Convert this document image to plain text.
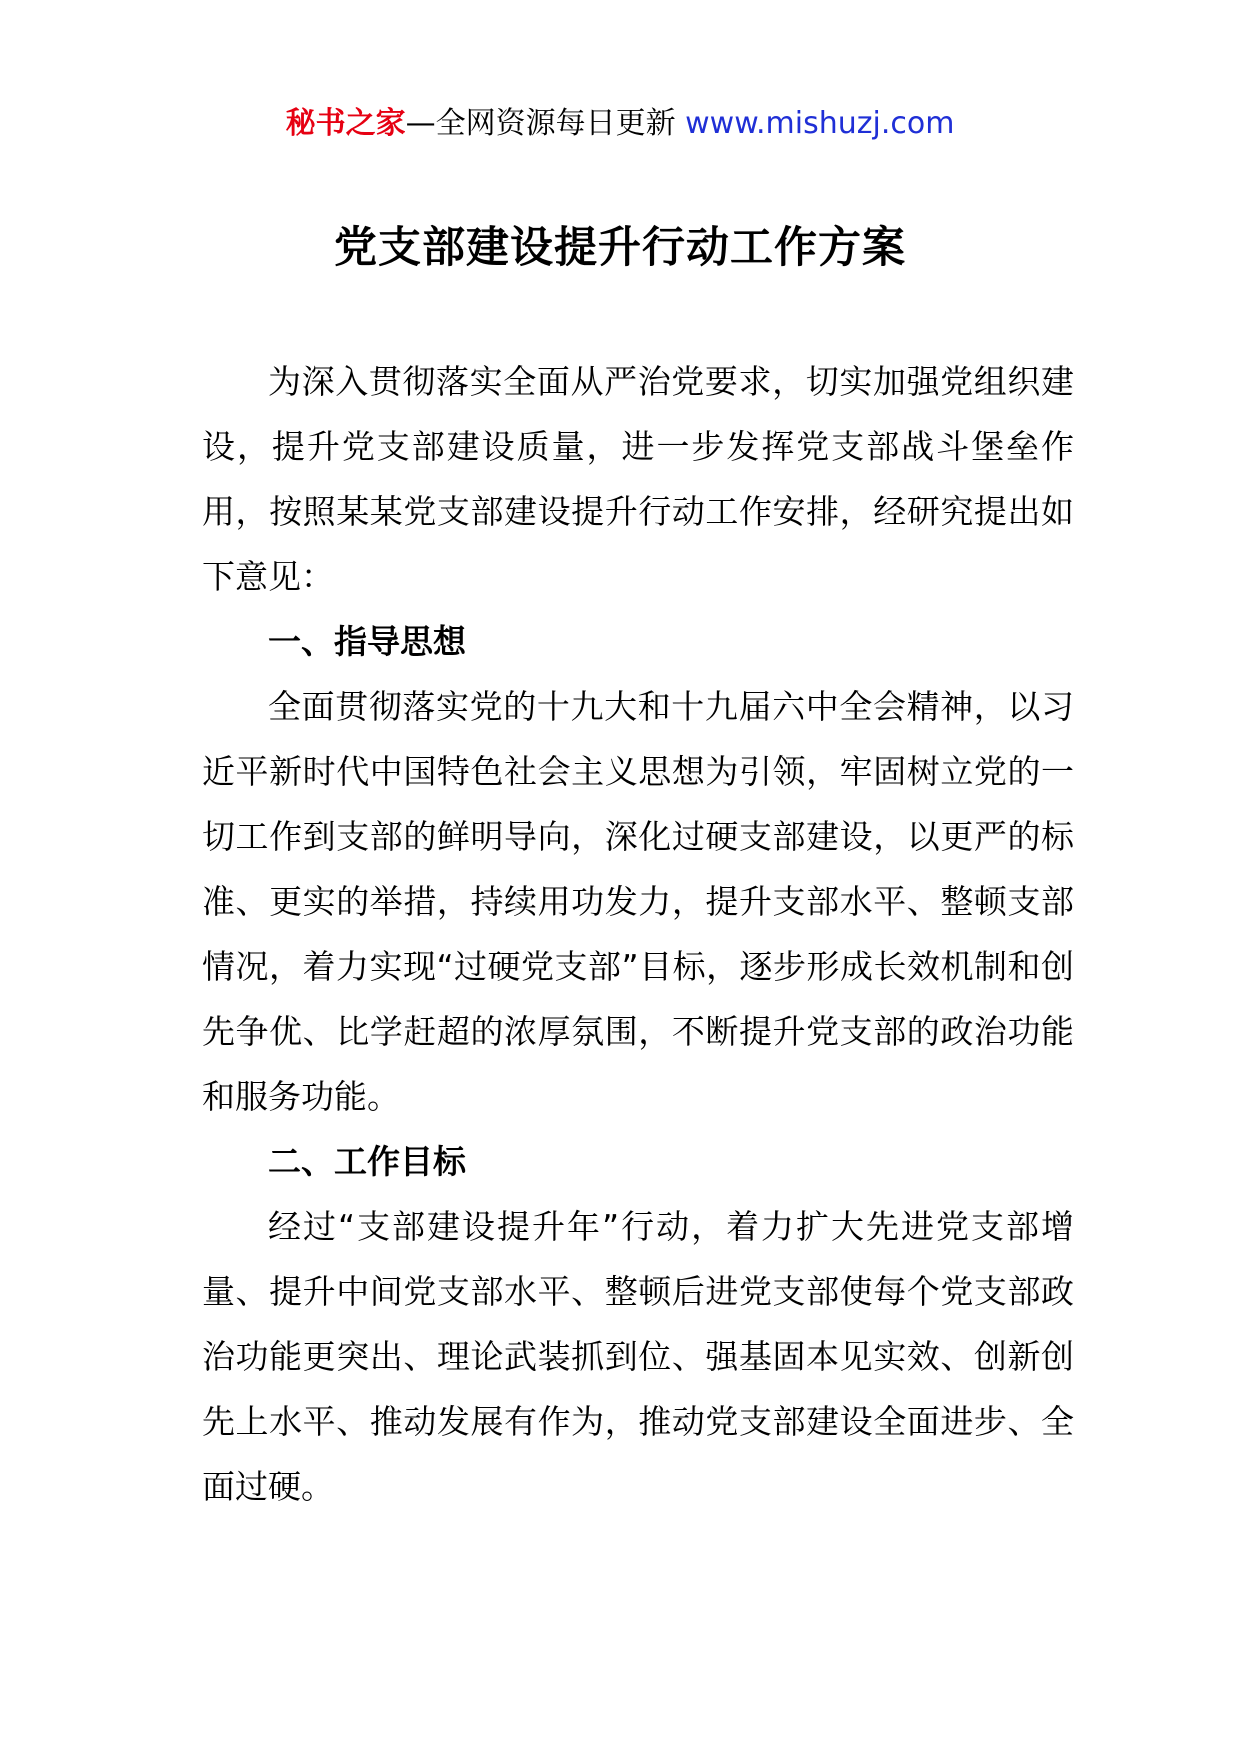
秘书之家—全网资源每日更新 www.mishuzj.com
党支部建设提升行动工作方案

为深入贯彻落实全面从严治党要求，切实加强党组织建设，提升党支部建设质量，进一步发挥党支部战斗堡垒作用，按照某某党支部建设提升行动工作安排，经研究提出如下意见：

一、指导思想

全面贯彻落实党的十九大和十九届六中全会精神，以习近平新时代中国特色社会主义思想为引领，牢固树立党的一切工作到支部的鲜明导向，深化过硬支部建设，以更严的标准、更实的举措，持续用功发力，提升支部水平、整顿支部情况，着力实现“过硬党支部”目标，逐步形成长效机制和创先争优、比学赶超的浓厚氛围，不断提升党支部的政治功能和服务功能。

二、工作目标

经过“支部建设提升年”行动，着力扩大先进党支部增量、提升中间党支部水平、整顿后进党支部使每个党支部政治功能更突出、理论武装抓到位、强基固本见实效、创新创先上水平、推动发展有作为，推动党支部建设全面进步、全面过硬。
